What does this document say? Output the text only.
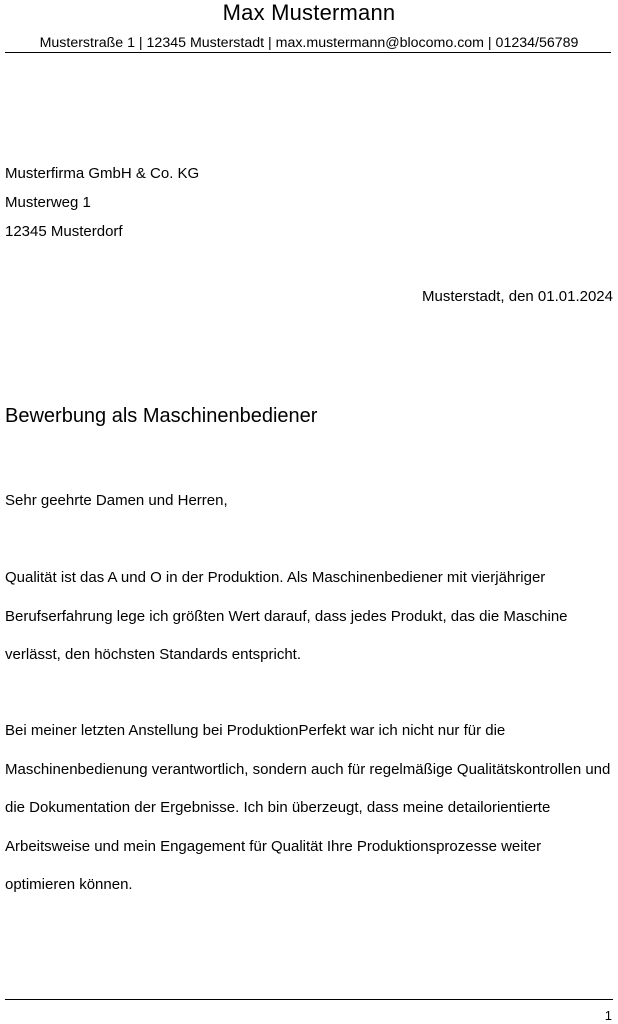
Max Mustermann
Musterstraße 1 | 12345 Musterstadt | max.mustermann@blocomo.com | 01234/56789
Musterfirma GmbH & Co. KG
Musterweg 1
12345 Musterdorf
Musterstadt, den 01.01.2024
Bewerbung als Maschinenbediener
Sehr geehrte Damen und Herren,
Qualität ist das A und O in der Produktion. Als Maschinenbediener mit vierjähriger Berufserfahrung lege ich größten Wert darauf, dass jedes Produkt, das die Maschine verlässt, den höchsten Standards entspricht.
Bei meiner letzten Anstellung bei ProduktionPerfekt war ich nicht nur für die Maschinenbedienung verantwortlich, sondern auch für regelmäßige Qualitätskontrollen und die Dokumentation der Ergebnisse. Ich bin überzeugt, dass meine detailorientierte Arbeitsweise und mein Engagement für Qualität Ihre Produktionsprozesse weiter optimieren können.
1
